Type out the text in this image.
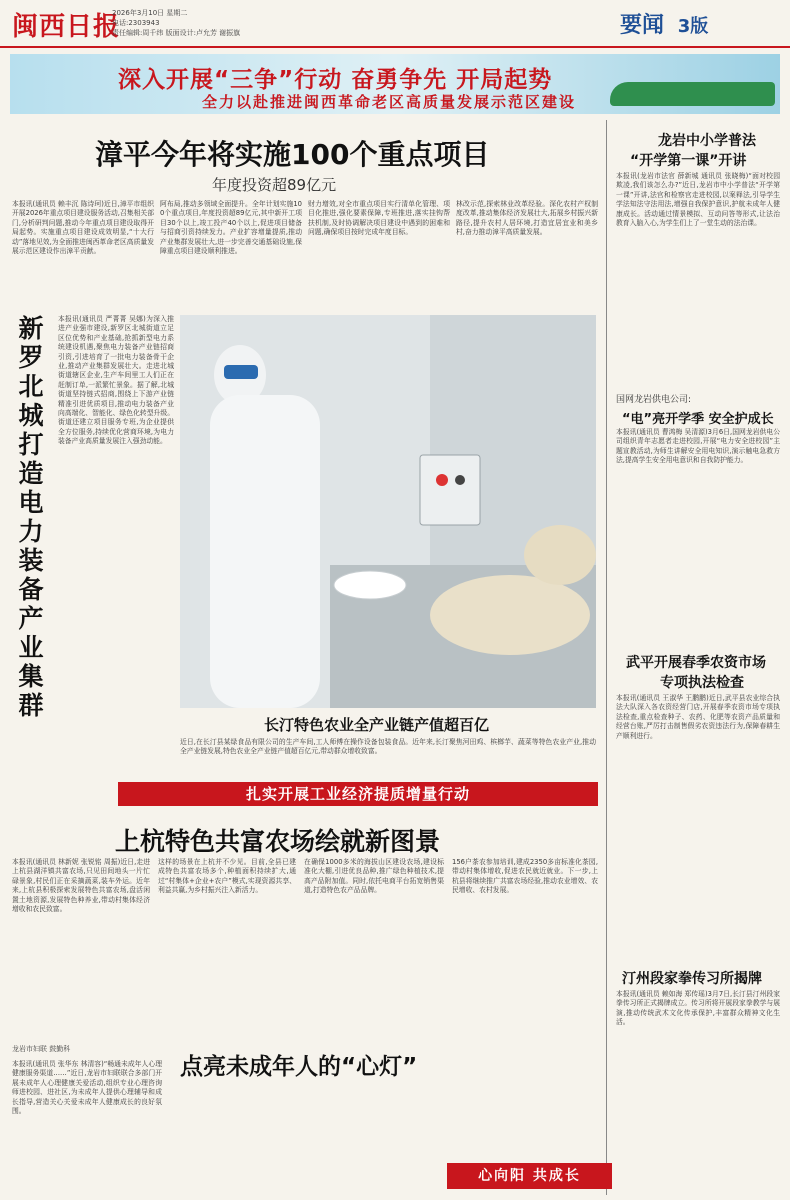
闽西日报
2026年3月10日 星期二
电话:2303943
责任编辑:周千纬 版面设计:卢允芳 谢振旗	要闻 3版
深入开展“三争”行动 奋勇争先 开局起势
全力以赴推进闽西革命老区高质量发展示范区建设
漳平今年将实施100个重点项目
年度投资超89亿元
本报讯(通讯员 赖丰沉 陈诗珂)近日,漳平市组织开展2026年重点项目建设服务活动,召集相关部门,分析研判问题,推动今年重点项目建设取得开局起势。实施重点项目建设成效明显,“十大行动”落地见效,为全面推进闽西革命老区高质量发展示范区建设作出漳平贡献。
阿布局,推动多领域全面提升。全年计划实施100个重点项目,年度投资超89亿元,其中新开工项目30个以上,竣工投产40个以上,促进项目储备与招商引资持续发力。产业扩容增量提质,推动产业集群发展壮大,进一步完善交通基础设施,保障重点项目建设顺利推进。
财力增效,对全市重点项目实行清单化管理、项目化推进,强化要素保障,专班推进,落实挂钩帮扶机制,及时协调解决项目建设中遇到的困难和问题,确保项目按时完成年度目标。
林改示范,探索林业改革经验。深化农村产权制度改革,推动集体经济发展壮大,拓展乡村振兴新路径,提升农村人居环境,打造宜居宜业和美乡村,奋力推动漳平高质量发展。
新罗北城打造电力装备产业集群
本报讯(通讯员 严菁菁 吴娜)为深入推进产业强市建设,新罗区北城街道立足区位优势和产业基础,抢抓新型电力系统建设机遇,聚焦电力装备产业链招商引资,引进培育了一批电力装备骨干企业,推动产业集群发展壮大。走进北城街道辖区企业,生产车间里工人们正在赶制订单,一派繁忙景象。据了解,北城街道坚持链式招商,围绕上下游产业链精准引进优质项目,推动电力装备产业向高端化、智能化、绿色化转型升级。街道还建立项目服务专班,为企业提供全方位服务,持续优化营商环境,为电力装备产业高质量发展注入强劲动能。
长汀特色农业全产业链产值超百亿
近日,在长汀县某绿食品有限公司的生产车间,工人师傅在操作设备包装食品。近年来,长汀聚焦河田鸡、槟榔芋、蔬菜等特色农业产业,推动全产业链发展,特色农业全产业链产值超百亿元,带动群众增收致富。
扎实开展工业经济提质增量行动
上杭特色共富农场绘就新图景
本报讯(通讯员 林新妮 张锐铭 周振)近日,走进上杭县湖洋镇共富农场,只见田间地头一片忙碌景象,村民们正在采摘蔬菜,装车外运。近年来,上杭县积极探索发展特色共富农场,盘活闲置土地资源,发展特色种养业,带动村集体经济增收和农民致富。
这样的场景在上杭并不少见。目前,全县已建成特色共富农场多个,种植面积持续扩大,通过“村集体+企业+农户”模式,实现资源共享、利益共赢,为乡村振兴注入新活力。
在确保1000多米的海拔山区建设农场,建设标准化大棚,引进优良品种,推广绿色种植技术,提高产品附加值。同时,依托电商平台拓宽销售渠道,打造特色农产品品牌。
156户茶农参加培训,建成2350多亩标准化茶园,带动村集体增收,促进农民就近就业。下一步,上杭县将继续推广共富农场经验,推动农业增效、农民增收、农村发展。
龙岩市妇联 鼓勤科
点亮未成年人的“心灯”
本报讯(通讯员 张华东 林清容)“畅通未成年人心理健康服务渠道……”近日,龙岩市妇联联合多部门开展未成年人心理健康关爱活动,组织专业心理咨询师进校园、进社区,为未成年人提供心理辅导和成长指导,营造关心关爱未成年人健康成长的良好氛围。
心向阳 共成长
龙岩中小学普法
“开学第一课”开讲
本报讯(龙岩市法官 薛新城 通讯员 张晓梅)“面对校园欺凌,我们该怎么办?”近日,龙岩市中小学普法“开学第一课”开讲,法官和检察官走进校园,以案释法,引导学生学法知法守法用法,增强自我保护意识,护航未成年人健康成长。活动通过情景模拟、互动问答等形式,让法治教育入脑入心,为学生们上了一堂生动的法治课。
国网龙岩供电公司:
“电”亮开学季 安全护成长
本报讯(通讯员 曹鸿梅 吴清源)3月6日,国网龙岩供电公司组织青年志愿者走进校园,开展“电力安全进校园”主题宣教活动,为师生讲解安全用电知识,演示触电急救方法,提高学生安全用电意识和自我防护能力。
武平开展春季农资市场
专项执法检查
本报讯(通讯员 王淑华 王鹏鹏)近日,武平县农业综合执法大队深入各农资经营门店,开展春季农资市场专项执法检查,重点检查种子、农药、化肥等农资产品质量和经营台账,严厉打击制售假劣农资违法行为,保障春耕生产顺利进行。
汀州段家拳传习所揭牌
本报讯(通讯员 赖如海 郑传瑶)3月7日,长汀县汀州段家拳传习所正式揭牌成立。传习所将开展段家拳教学与展演,推动传统武术文化传承保护,丰富群众精神文化生活。
